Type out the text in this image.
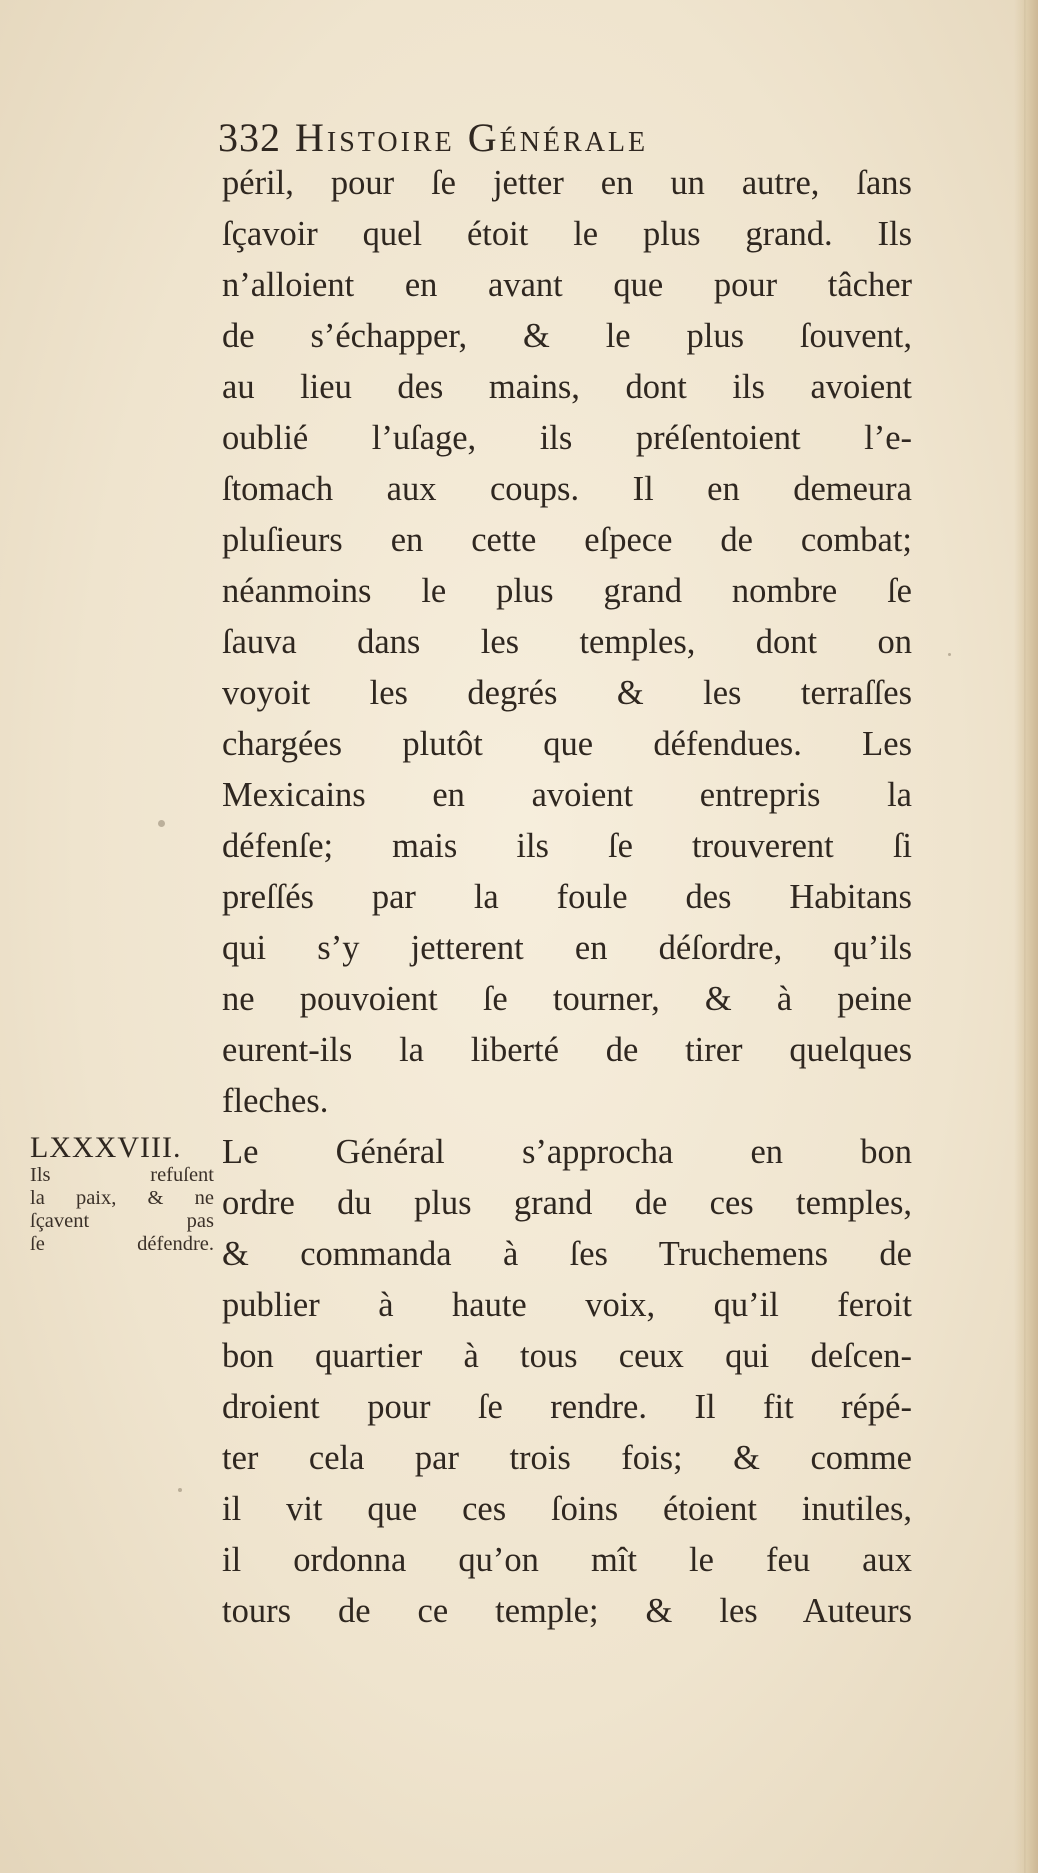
332 Histoire Générale
péril, pour ſe jetter en un autre, ſans
ſçavoir quel étoit le plus grand. Ils
n’alloient en avant que pour tâcher
de s’échapper, & le plus ſouvent,
au lieu des mains, dont ils avoient
oublié l’uſage, ils préſentoient l’e-
ſtomach aux coups. Il en demeura
pluſieurs en cette eſpece de combat;
néanmoins le plus grand nombre ſe
ſauva dans les temples, dont on
voyoit les degrés & les terraſſes
chargées plutôt que défendues. Les
Mexicains en avoient entrepris la
défenſe; mais ils ſe trouverent ſi
preſſés par la foule des Habitans
qui s’y jetterent en déſordre, qu’ils
ne pouvoient ſe tourner, & à peine
eurent-ils la liberté de tirer quelques
fleches.
Le Général s’approcha en bon
ordre du plus grand de ces temples,
& commanda à ſes Truchemens de
publier à haute voix, qu’il feroit
bon quartier à tous ceux qui deſcen-
droient pour ſe rendre. Il fit répé-
ter cela par trois fois; & comme
il vit que ces ſoins étoient inutiles,
il ordonna qu’on mît le feu aux
tours de ce temple; & les Auteurs
LXXXVIII.
Ils refuſent
la paix, & ne
ſçavent pas
ſe défendre.
